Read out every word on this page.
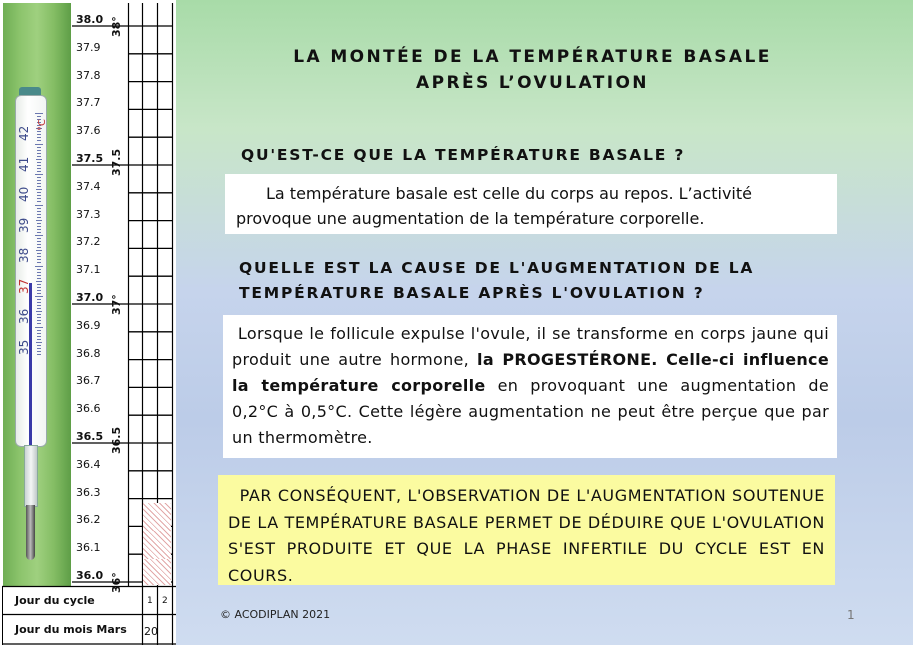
42
41
40
39
38
37
36
35
°C
38.0
37.9
37.8
37.7
37.6
37.5
37.4
37.3
37.2
37.1
37.0
36.9
36.8
36.7
36.6
36.5
36.4
36.3
36.2
36.1
36.0
38°
37.5
37°
36.5
36°
Jour du cycle
Jour du mois Mars
1 2
20
LA MONTÉE DE LA TEMPÉRATURE BASALE
APRÈS L’OVULATION
QU'EST-CE QUE LA TEMPÉRATURE BASALE ?

La température basale est celle du corps au repos. L’activité
provoque une augmentation de la température corporelle.

QUELLE EST LA CAUSE DE L'AUGMENTATION DE LA
TEMPÉRATURE BASALE APRÈS L'OVULATION ?

Lorsque le follicule expulse l'ovule, il se transforme en corps jaune qui produit une autre hormone, la PROGESTÉRONE. Celle-ci influence la température corporelle en provoquant une augmentation de 0,2°C à 0,5°C. Cette légère augmentation ne peut être perçue que par un thermomètre.

PAR CONSÉQUENT, L'OBSERVATION DE L'AUGMENTATION SOUTENUE DE LA TEMPÉRATURE BASALE PERMET DE DÉDUIRE QUE L'OVULATION S'EST PRODUITE ET QUE LA PHASE INFERTILE DU CYCLE EST EN COURS.

© ACODIPLAN 2021	1
